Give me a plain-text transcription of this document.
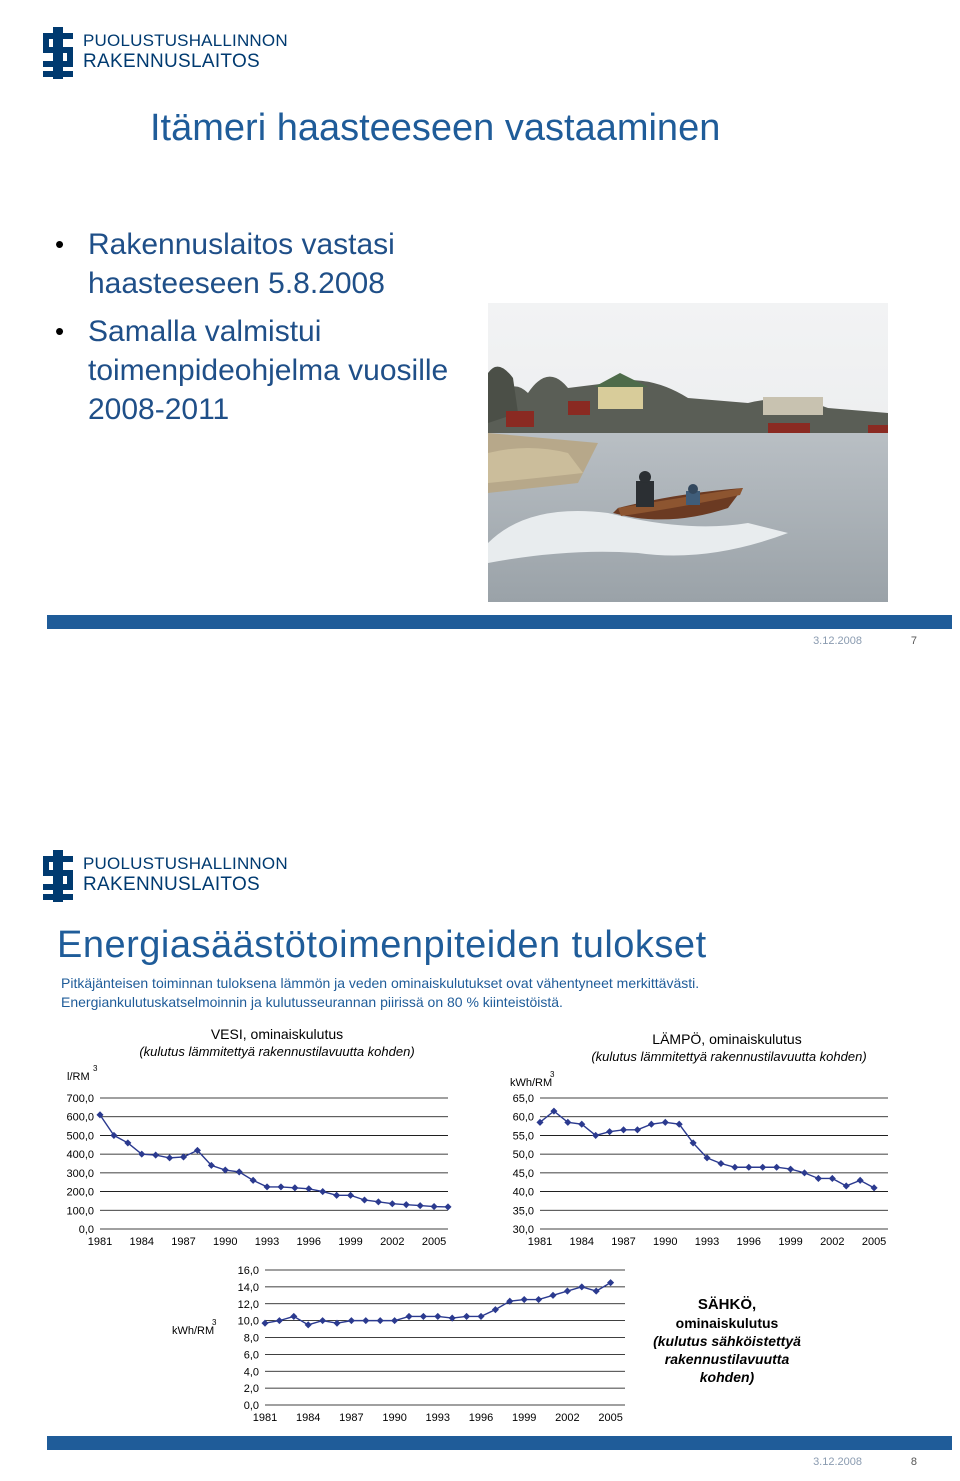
PUOLUSTUSHALLINNON
RAKENNUSLAITOS
Itämeri haasteeseen vastaaminen
• Rakennuslaitos vastasi haasteeseen 5.8.2008
• Samalla valmistui toimenpideohjelma vuosille 2008-2011
3.12.2008	7
PUOLUSTUSHALLINNON
RAKENNUSLAITOS
Energiasäästötoimenpiteiden tulokset
Pitkäjänteisen toiminnan tuloksena lämmön ja veden ominaiskulutukset ovat vähentyneet merkittävästi.
Energiankulutuskatselmoinnin ja kulutusseurannan piirissä on 80 % kiinteistöistä.
VESI, ominaiskulutus
(kulutus lämmitettyä rakennustilavuutta kohden)
0,0
100,0
200,0
300,0
400,0
500,0
600,0
700,0
l/RM
3
1981 1984 1987 1990 1993 1996 1999 2002 2005
LÄMPÖ, ominaiskulutus
(kulutus lämmitettyä rakennustilavuutta kohden)
30,0
35,0
40,0
45,0
50,0
55,0
60,0
65,0
kWh/RM
3
1981 1984 1987 1990 1993 1996 1999 2002 2005
0,0
2,0
4,0
6,0
8,0
10,0
12,0
14,0
16,0
kWh/RM
3
1981 1984 1987 1990 1993 1996 1999 2002 2005
SÄHKÖ,
ominaiskulutus
(kulutus sähköistettyä rakennustilavuutta kohden)
3.12.2008	8
